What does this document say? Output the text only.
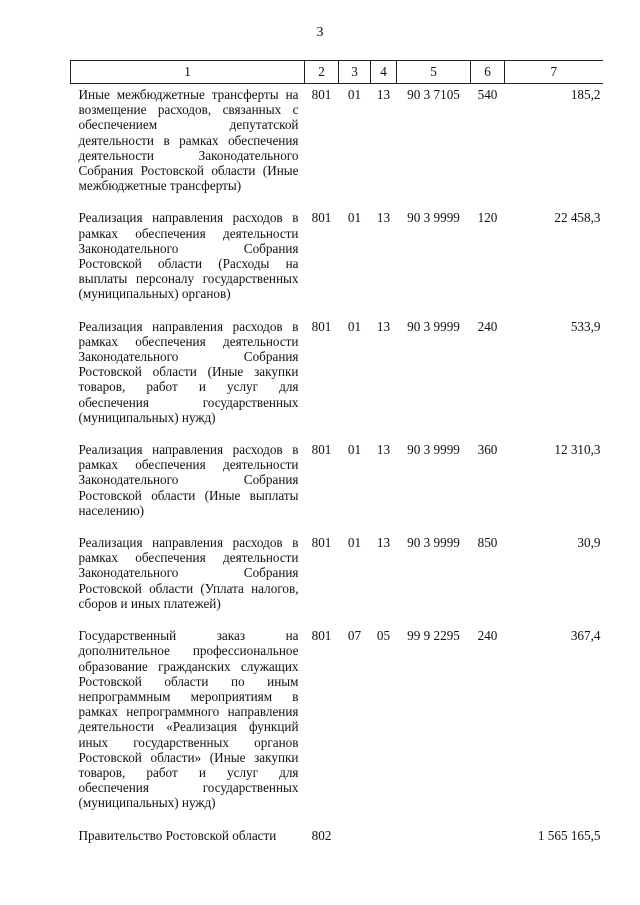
3
1	2	3	4	5	6	7
Иные межбюджетные трансферты на возмещение расходов, связанных с обеспечением депутатской деятельности в рамках обеспечения деятельности Законодательного Собрания Ростовской области (Иные межбюджетные трансферты)	801	01	13	90 3 7105	540	185,2
Реализация направления расходов в рамках обеспечения деятельности Законодательного Собрания Ростовской области (Расходы на выплаты персоналу государственных (муниципальных) органов)	801	01	13	90 3 9999	120	22 458,3
Реализация направления расходов в рамках обеспечения деятельности Законодательного Собрания Ростовской области (Иные закупки товаров, работ и услуг для обеспечения государственных (муниципальных) нужд)	801	01	13	90 3 9999	240	533,9
Реализация направления расходов в рамках обеспечения деятельности Законодательного Собрания Ростовской области (Иные выплаты населению)	801	01	13	90 3 9999	360	12 310,3
Реализация направления расходов в рамках обеспечения деятельности Законодательного Собрания Ростовской области (Уплата налогов, сборов и иных платежей)	801	01	13	90 3 9999	850	30,9
Государственный заказ на дополнительное профессиональное образование гражданских служащих Ростовской области по иным непрограммным мероприятиям в рамках непрограммного направления деятельности «Реализация функций иных государственных органов Ростовской области» (Иные закупки товаров, работ и услуг для обеспечения государственных (муниципальных) нужд)	801	07	05	99 9 2295	240	367,4
Правительство Ростовской области	802					1 565 165,5
